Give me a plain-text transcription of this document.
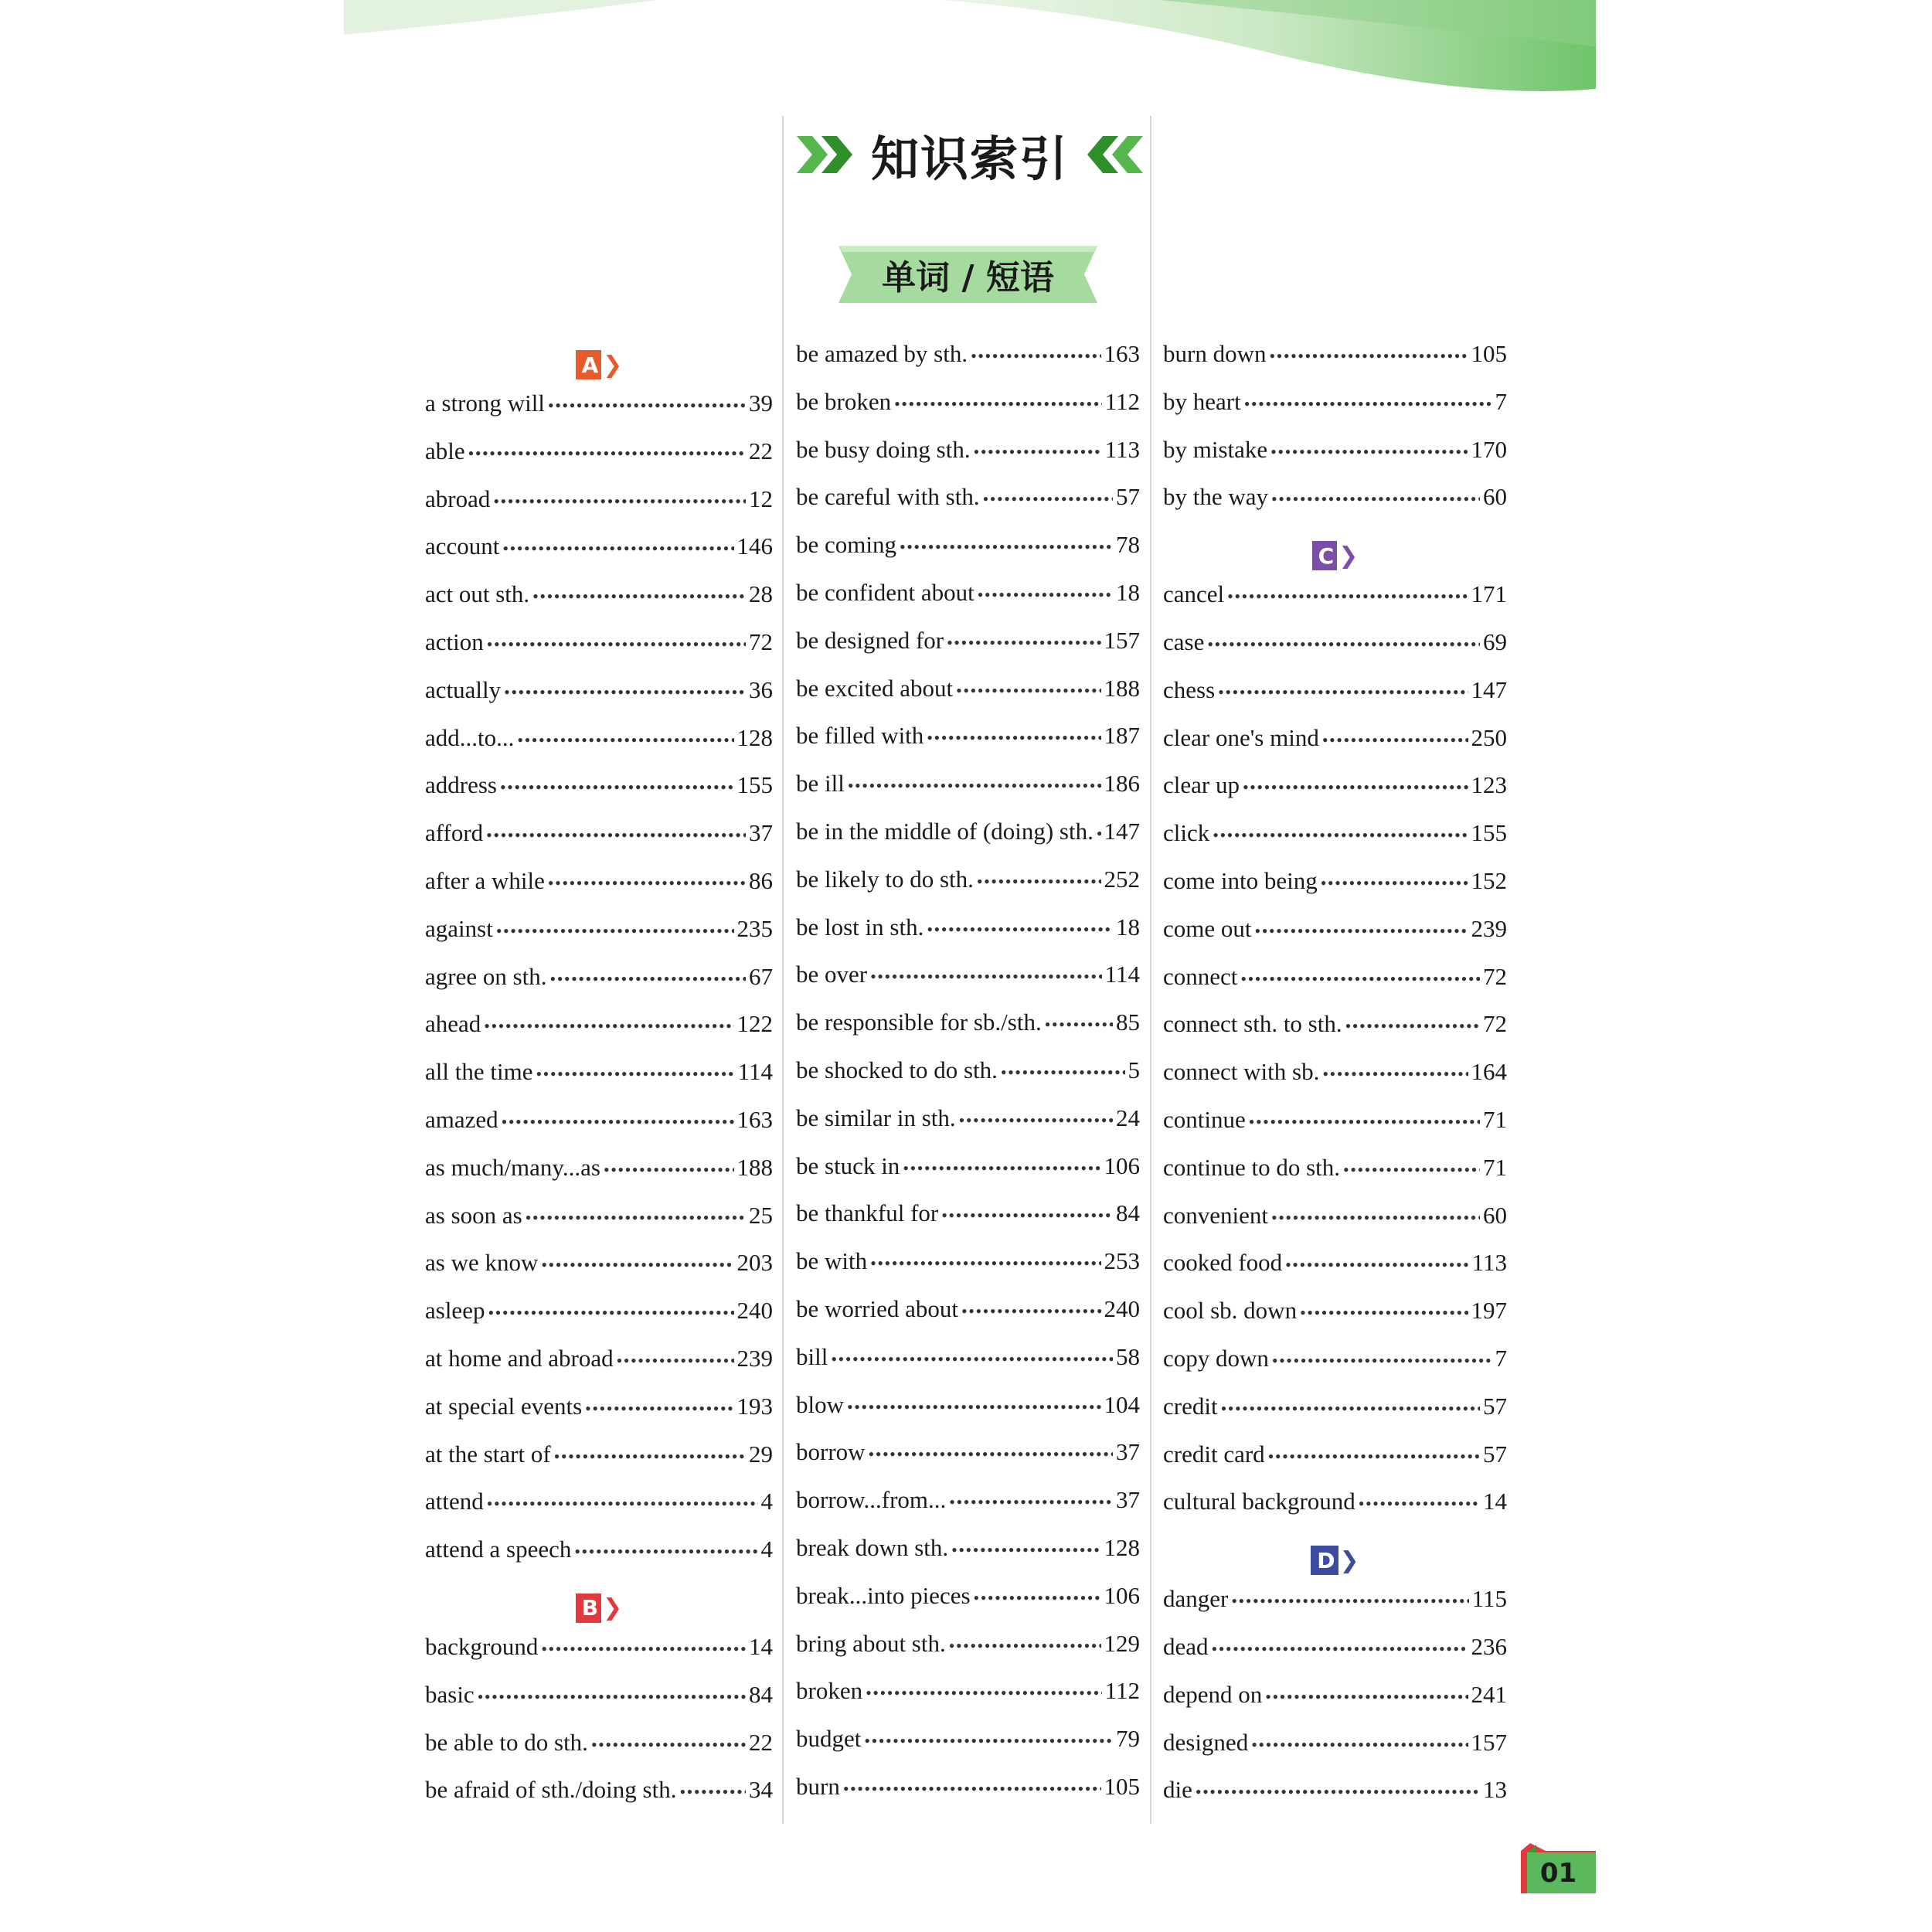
知识索引
单词 / 短语
A ❯
a strong will •••••	39
able •••••	22
abroad •••••	12
account •••••	146
act out sth. •••••	28
action •••••	72
actually •••••	36
add...to... •••••	128
address •••••	155
afford •••••	37
after a while •••••	86
against •••••	235
agree on sth. •••••	67
ahead •••••	122
all the time •••••	114
amazed •••••	163
as much/many...as •••••	188
as soon as •••••	25
as we know •••••	203
asleep •••••	240
at home and abroad •••••	239
at special events •••••	193
at the start of •••••	29
attend •••••	4
attend a speech •••••	4
B ❯
background •••••	14
basic •••••	84
be able to do sth. •••••	22
be afraid of sth./doing sth. •••••	34
be amazed by sth. •••••	163
be broken •••••	112
be busy doing sth. •••••	113
be careful with sth. •••••	57
be coming •••••	78
be confident about •••••	18
be designed for •••••	157
be excited about •••••	188
be filled with •••••	187
be ill •••••	186
be in the middle of (doing) sth. ••••• 147
be likely to do sth. •••••	252
be lost in sth. •••••	18
be over •••••	114
be responsible for sb./sth. •••••	85
be shocked to do sth. •••••	5
be similar in sth. •••••	24
be stuck in •••••	106
be thankful for •••••	84
be with •••••	253
be worried about •••••	240
bill •••••	58
blow •••••	104
borrow •••••	37
borrow...from... •••••	37
break down sth. •••••	128
break...into pieces •••••	106
bring about sth. •••••	129
broken •••••	112
budget •••••	79
burn •••••	105
burn down •••••	105
by heart •••••	7
by mistake •••••	170
by the way •••••	60
C ❯
cancel •••••	171
case •••••	69
chess •••••	147
clear one's mind •••••	250
clear up •••••	123
click •••••	155
come into being •••••	152
come out •••••	239
connect •••••	72
connect sth. to sth. •••••	72
connect with sb. •••••	164
continue •••••	71
continue to do sth. •••••	71
convenient •••••	60
cooked food •••••	113
cool sb. down •••••	197
copy down •••••	7
credit •••••	57
credit card •••••	57
cultural background •••••	14
D ❯
danger •••••	115
dead •••••	236
depend on •••••	241
designed •••••	157
die •••••	13
01
